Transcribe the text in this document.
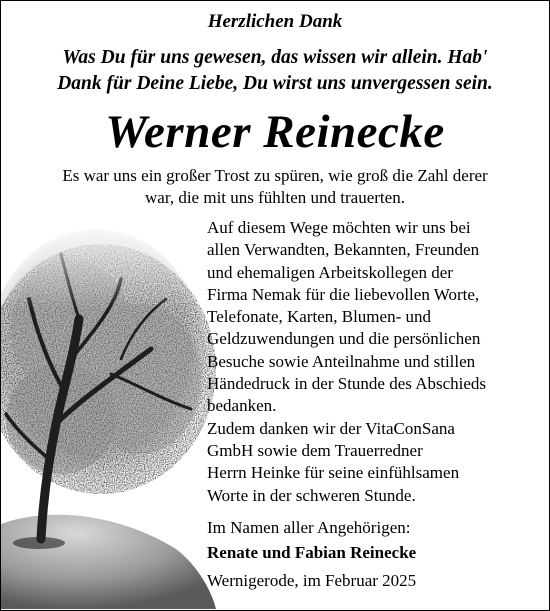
Herzlichen Dank
Was Du für uns gewesen, das wissen wir allein. Hab'
Dank für Deine Liebe, Du wirst uns unvergessen sein.
Werner Reinecke
Es war uns ein großer Trost zu spüren, wie groß die Zahl derer
war, die mit uns fühlten und trauerten.

Auf diesem Wege möchten wir uns bei

allen Verwandten, Bekannten, Freunden

und ehemaligen Arbeitskollegen der

Firma Nemak für die liebevollen Worte,

Telefonate, Karten, Blumen- und

Geldzuwendungen und die persönlichen

Besuche sowie Anteilnahme und stillen

Händedruck in der Stunde des Abschieds

bedanken.

Zudem danken wir der VitaConSana

GmbH sowie dem Trauerredner

Herrn Heinke für seine einfühlsamen

Worte in der schweren Stunde.

Im Namen aller Angehörigen:
Renate und Fabian Reinecke
Wernigerode, im Februar 2025
